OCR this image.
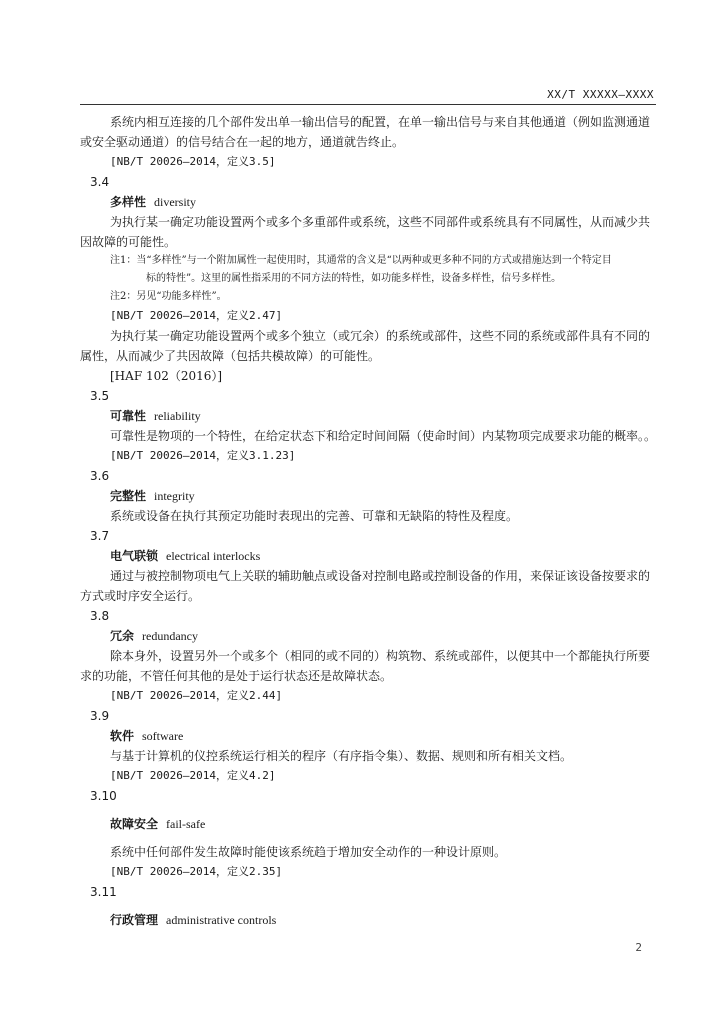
XX/T XXXXX—XXXX

系统内相互连接的几个部件发出单一输出信号的配置，在单一输出信号与来自其他通道（例如监测通道或安全驱动通道）的信号结合在一起的地方，通道就告终止。

[NB/T 20026—2014，定义3.5]
3.4
多样性 diversity

为执行某一确定功能设置两个或多个多重部件或系统，这些不同部件或系统具有不同属性，从而减少共因故障的可能性。

注1：当“多样性”与一个附加属性一起使用时，其通常的含义是“以两种或更多种不同的方式或措施达到一个特定目
标的特性”。这里的属性指采用的不同方法的特性，如功能多样性，设备多样性，信号多样性。
注2：另见“功能多样性”。
[NB/T 20026—2014，定义2.47]

为执行某一确定功能设置两个或多个独立（或冗余）的系统或部件，这些不同的系统或部件具有不同的属性，从而减少了共因故障（包括共模故障）的可能性。

[HAF 102（2016）]
3.5
可靠性 reliability

可靠性是物项的一个特性，在给定状态下和给定时间间隔（使命时间）内某物项完成要求功能的概率。。

[NB/T 20026—2014，定义3.1.23]
3.6
完整性 integrity

系统或设备在执行其预定功能时表现出的完善、可靠和无缺陷的特性及程度。

3.7
电气联锁 electrical interlocks

通过与被控制物项电气上关联的辅助触点或设备对控制电路或控制设备的作用，来保证该设备按要求的方式或时序安全运行。

3.8
冗余 redundancy

除本身外，设置另外一个或多个（相同的或不同的）构筑物、系统或部件，以便其中一个都能执行所要求的功能，不管任何其他的是处于运行状态还是故障状态。

[NB/T 20026—2014，定义2.44]
3.9
软件 software

与基于计算机的仪控系统运行相关的程序（有序指令集）、数据、规则和所有相关文档。

[NB/T 20026—2014，定义4.2]
3.10
故障安全 fail-safe

系统中任何部件发生故障时能使该系统趋于增加安全动作的一种设计原则。

[NB/T 20026—2014，定义2.35]
3.11
行政管理 administrative controls
2
